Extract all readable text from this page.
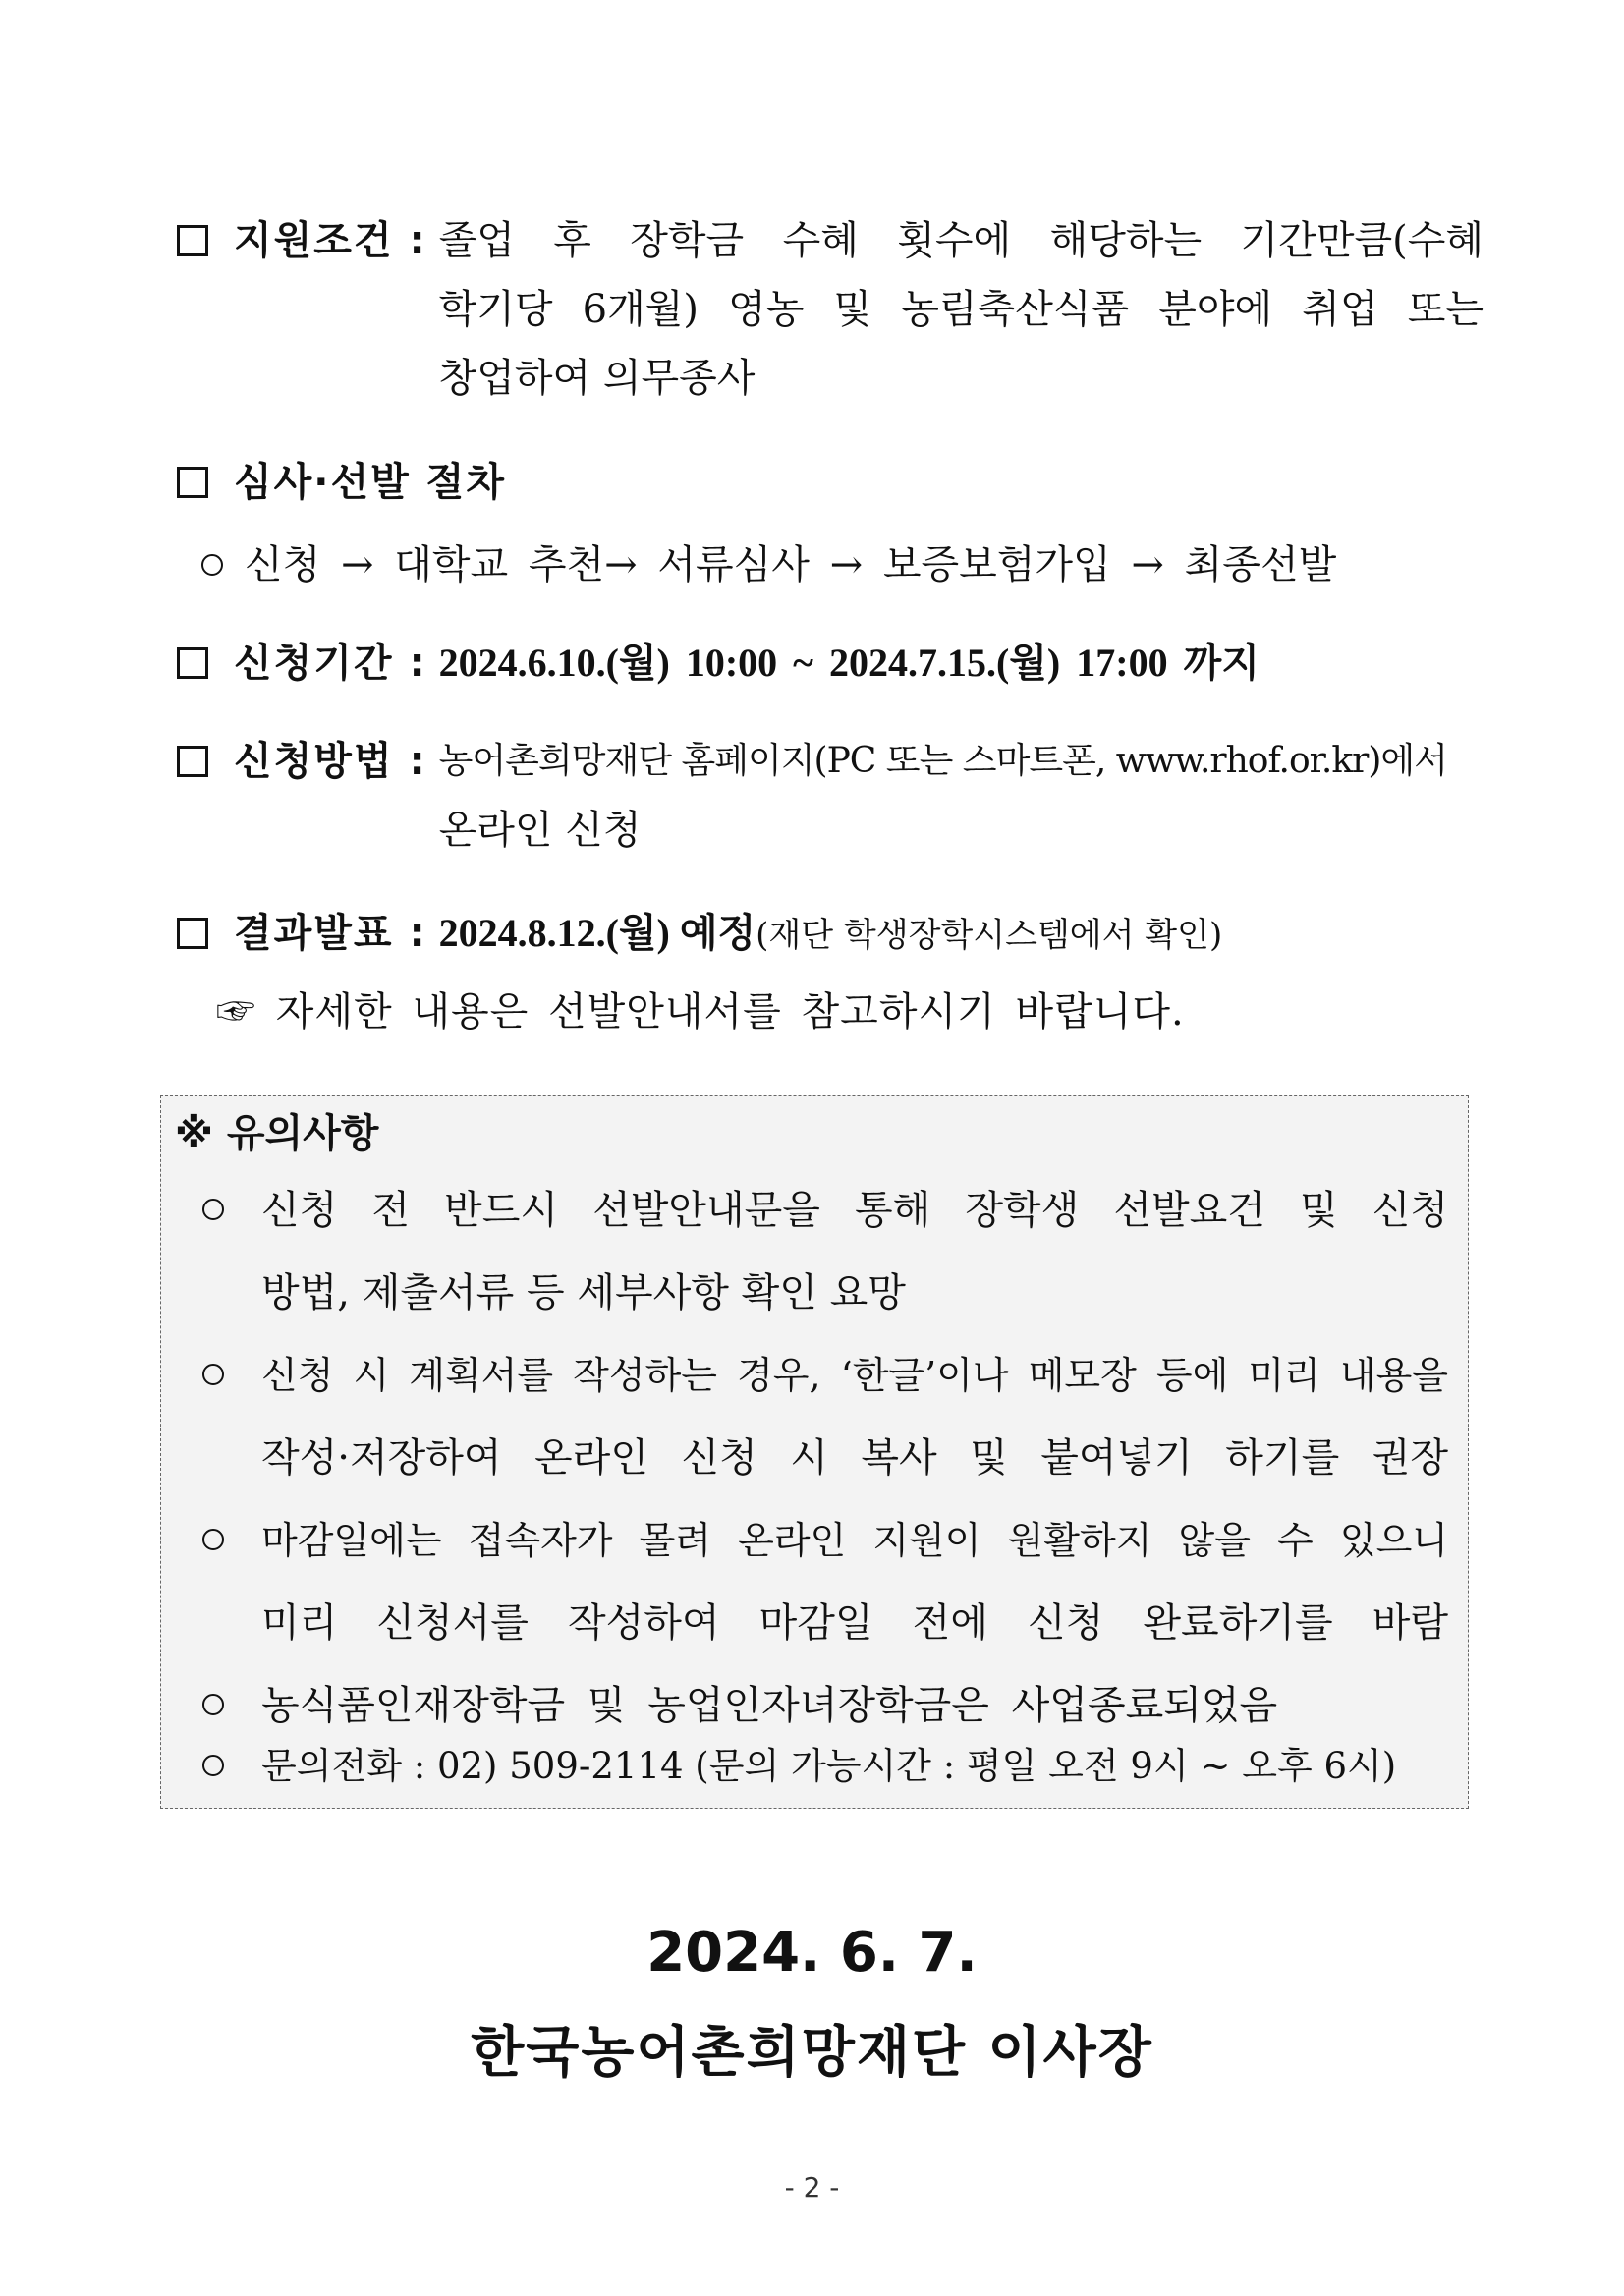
지원조건 : 졸업 후 장학금 수혜 횟수에 해당하는 기간만큼(수혜
학기당 6개월) 영농 및 농림축산식품 분야에 취업 또는
창업하여 의무종사
심사·선발 절차
신청 → 대학교 추천→ 서류심사 → 보증보험가입 → 최종선발
신청기간 : 2024.6.10.(월) 10:00 ~ 2024.7.15.(월) 17:00 까지
신청방법 : 농어촌희망재단 홈페이지(PC 또는 스마트폰, www.rhof.or.kr)에서
온라인 신청
결과발표 : 2024.8.12.(월) 예정(재단 학생장학시스템에서 확인)
☞ 자세한 내용은 선발안내서를 참고하시기 바랍니다.
※ 유의사항
신청 전 반드시 선발안내문을 통해 장학생 선발요건 및 신청
방법, 제출서류 등 세부사항 확인 요망
신청 시 계획서를 작성하는 경우, ‘한글’이나 메모장 등에 미리 내용을
작성·저장하여 온라인 신청 시 복사 및 붙여넣기 하기를 권장
마감일에는 접속자가 몰려 온라인 지원이 원활하지 않을 수 있으니
미리 신청서를 작성하여 마감일 전에 신청 완료하기를 바람
농식품인재장학금 및 농업인자녀장학금은 사업종료되었음
문의전화 : 02) 509-2114 (문의 가능시간 : 평일 오전 9시 ~ 오후 6시)
2024. 6. 7.
한국농어촌희망재단 이사장
- 2 -
